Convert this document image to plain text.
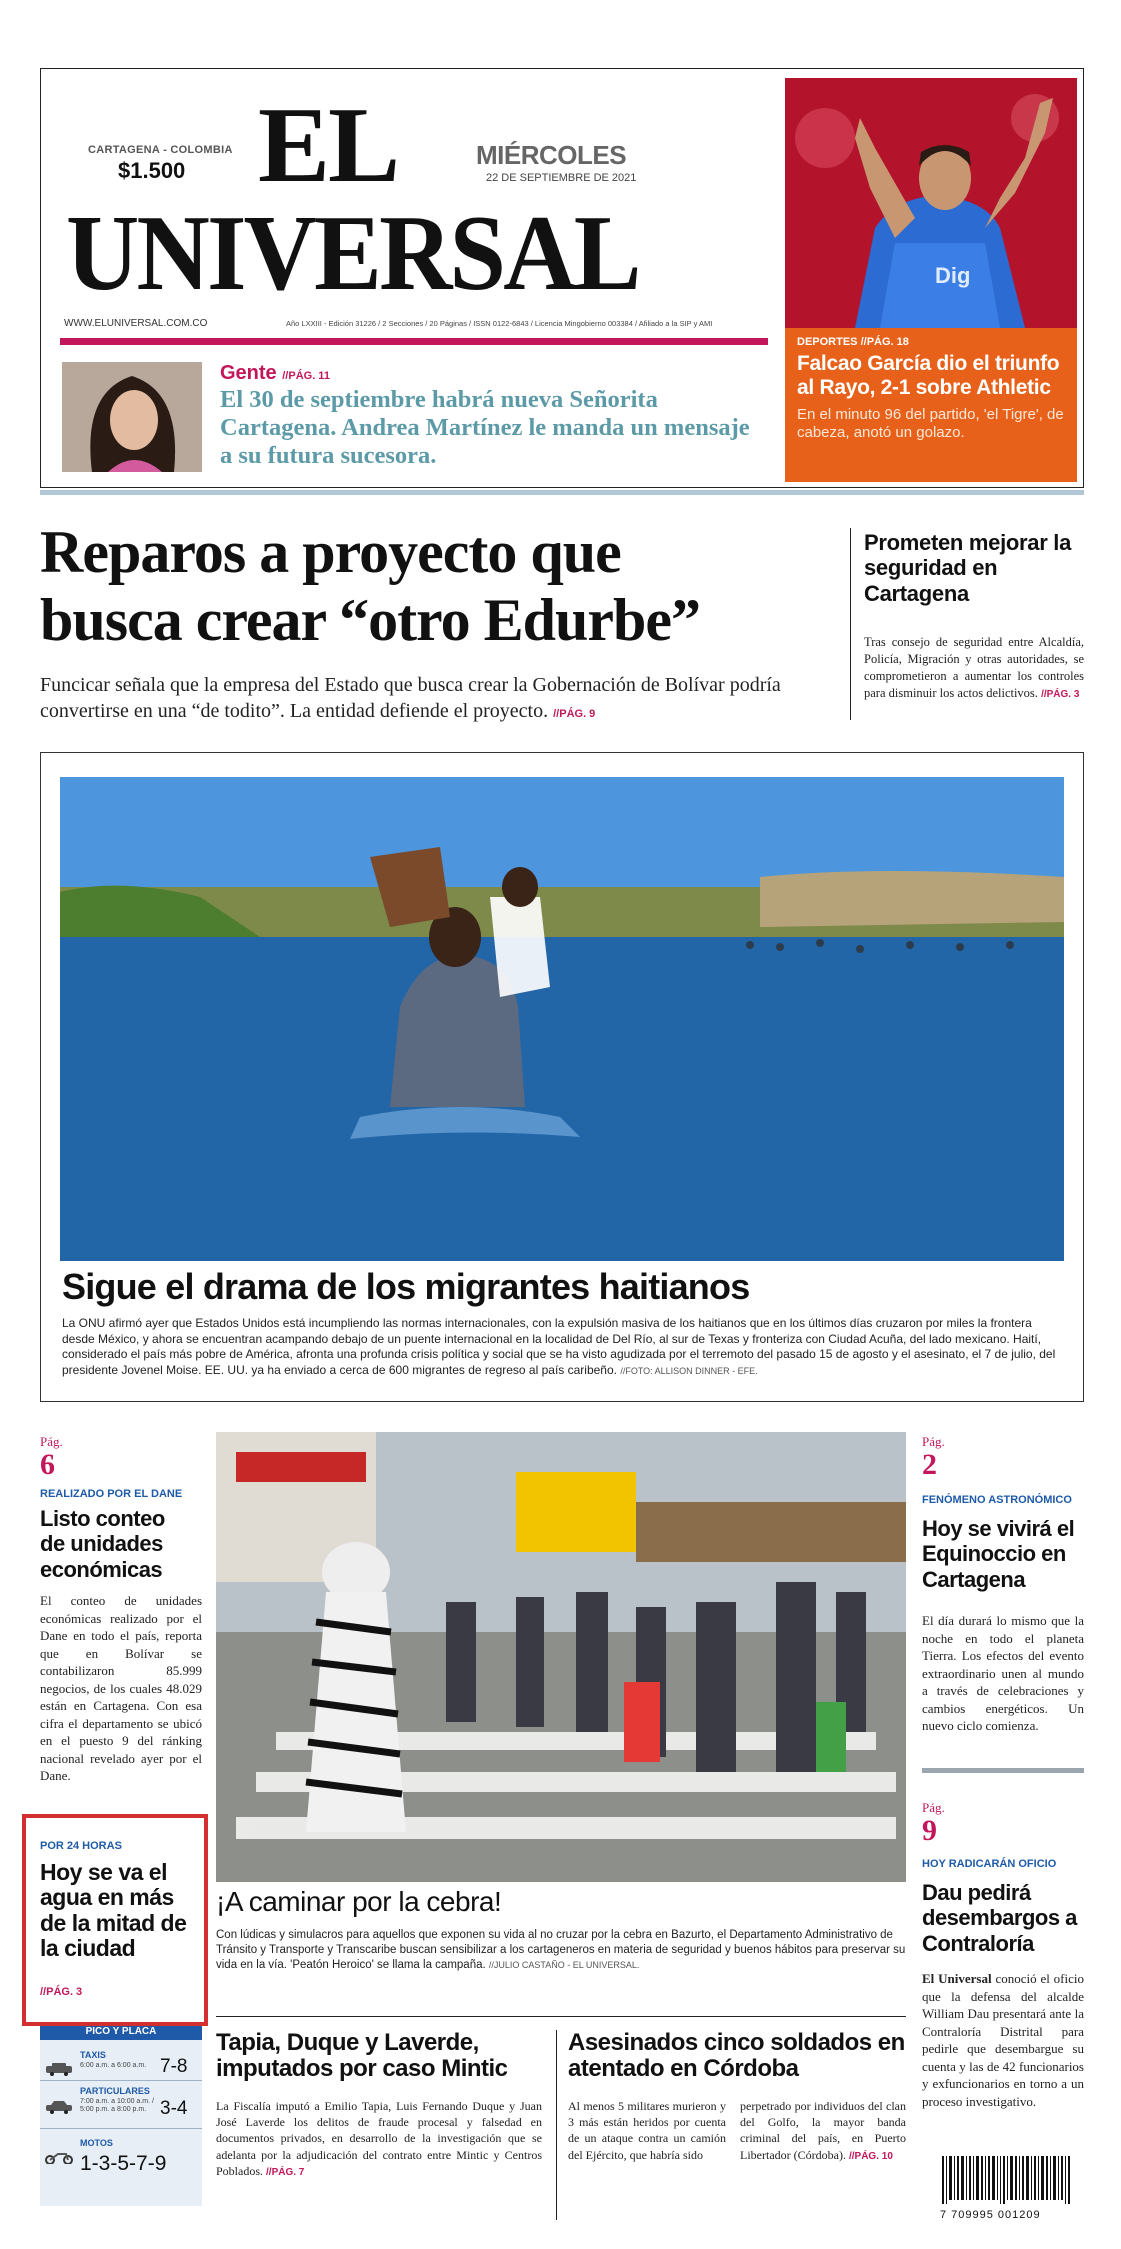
CARTAGENA - COLOMBIA
$1.500 EL
UNIVERSAL
MIÉRCOLES
22 DE SEPTIEMBRE DE 2021
WWW.ELUNIVERSAL.COM.CO	Año LXXIII - Edición 31226 / 2 Secciones / 20 Páginas / ISSN 0122-6843 / Licencia Mingobierno 003384 / Afiliado a la SIP y AMI
Dig
DEPORTES //PÁG. 18
Falcao García dio el triunfo al Rayo, 2-1 sobre Athletic
En el minuto 96 del partido, 'el Tigre', de cabeza, anotó un golazo.
Gente //PÁG. 11
El 30 de septiembre habrá nueva Señorita Cartagena. Andrea Martínez le manda un mensaje a su futura sucesora.
Reparos a proyecto que
busca crear “otro Edurbe”
Funcicar señala que la empresa del Estado que busca crear la Gobernación de Bolívar podría convertirse en una “de todito”. La entidad defiende el proyecto. //PÁG. 9
Prometen mejorar la seguridad en Cartagena
Tras consejo de seguridad entre Alcaldía, Policía, Migración y otras autoridades, se comprometieron a aumentar los controles para disminuir los actos delictivos. //PÁG. 3
Sigue el drama de los migrantes haitianos
La ONU afirmó ayer que Estados Unidos está incumpliendo las normas internacionales, con la expulsión masiva de los haitianos que en los últimos días cruzaron por miles la frontera desde México, y ahora se encuentran acampando debajo de un puente internacional en la localidad de Del Río, al sur de Texas y fronteriza con Ciudad Acuña, del lado mexicano. Haití, considerado el país más pobre de América, afronta una profunda crisis política y social que se ha visto agudizada por el terremoto del pasado 15 de agosto y el asesinato, el 7 de julio, del presidente Jovenel Moise. EE. UU. ya ha enviado a cerca de 600 migrantes de regreso al país caribeño. //FOTO: ALLISON DINNER - EFE.
Pág.
6
REALIZADO POR EL DANE
Listo conteo de unidades económicas
El conteo de unidades económicas realizado por el Dane en todo el país, reporta que en Bolívar se contabilizaron 85.999 negocios, de los cuales 48.029 están en Cartagena. Con esa cifra el departamento se ubicó en el puesto 9 del ránking nacional revelado ayer por el Dane.
POR 24 HORAS
Hoy se va el agua en más de la mitad de la ciudad
//PÁG. 3
PICO Y PLACA
TAXIS
6:00 a.m. a 6:00 a.m. 7-8
PARTICULARES
7:00 a.m. a 10:00 a.m. / 5:00 p.m. a 8:00 p.m. 3-4
MOTOS
1-3-5-7-9
¡A caminar por la cebra!
Con lúdicas y simulacros para aquellos que exponen su vida al no cruzar por la cebra en Bazurto, el Departamento Administrativo de Tránsito y Transporte y Transcaribe buscan sensibilizar a los cartageneros en materia de seguridad y buenos hábitos para preservar su vida en la vía. 'Peatón Heroico' se llama la campaña. //JULIO CASTAÑO - EL UNIVERSAL.
Tapia, Duque y Laverde, imputados por caso Mintic
La Fiscalía imputó a Emilio Tapia, Luis Fernando Duque y Juan José Laverde los delitos de fraude procesal y falsedad en documentos privados, en desarrollo de la investigación que se adelanta por la adjudicación del contrato entre Mintic y Centros Poblados. //PÁG. 7
Asesinados cinco soldados en atentado en Córdoba
Al menos 5 militares murieron y 3 más están heridos por cuenta de un ataque contra un camión del Ejército, que habría sido
perpetrado por individuos del clan del Golfo, la mayor banda criminal del país, en Puerto Libertador (Córdoba). //PÁG. 10
Pág.
2
FENÓMENO ASTRONÓMICO
Hoy se vivirá el Equinoccio en Cartagena
El día durará lo mismo que la noche en todo el planeta Tierra. Los efectos del evento extraordinario unen al mundo a través de celebraciones y cambios energéticos. Un nuevo ciclo comienza.
Pág.
9
HOY RADICARÁN OFICIO
Dau pedirá desembargos a Contraloría
El Universal conoció el oficio que la defensa del alcalde William Dau presentará ante la Contraloría Distrital para pedirle que desembargue su cuenta y las de 42 funcionarios y exfuncionarios en torno a un proceso investigativo.
7 709995 001209
